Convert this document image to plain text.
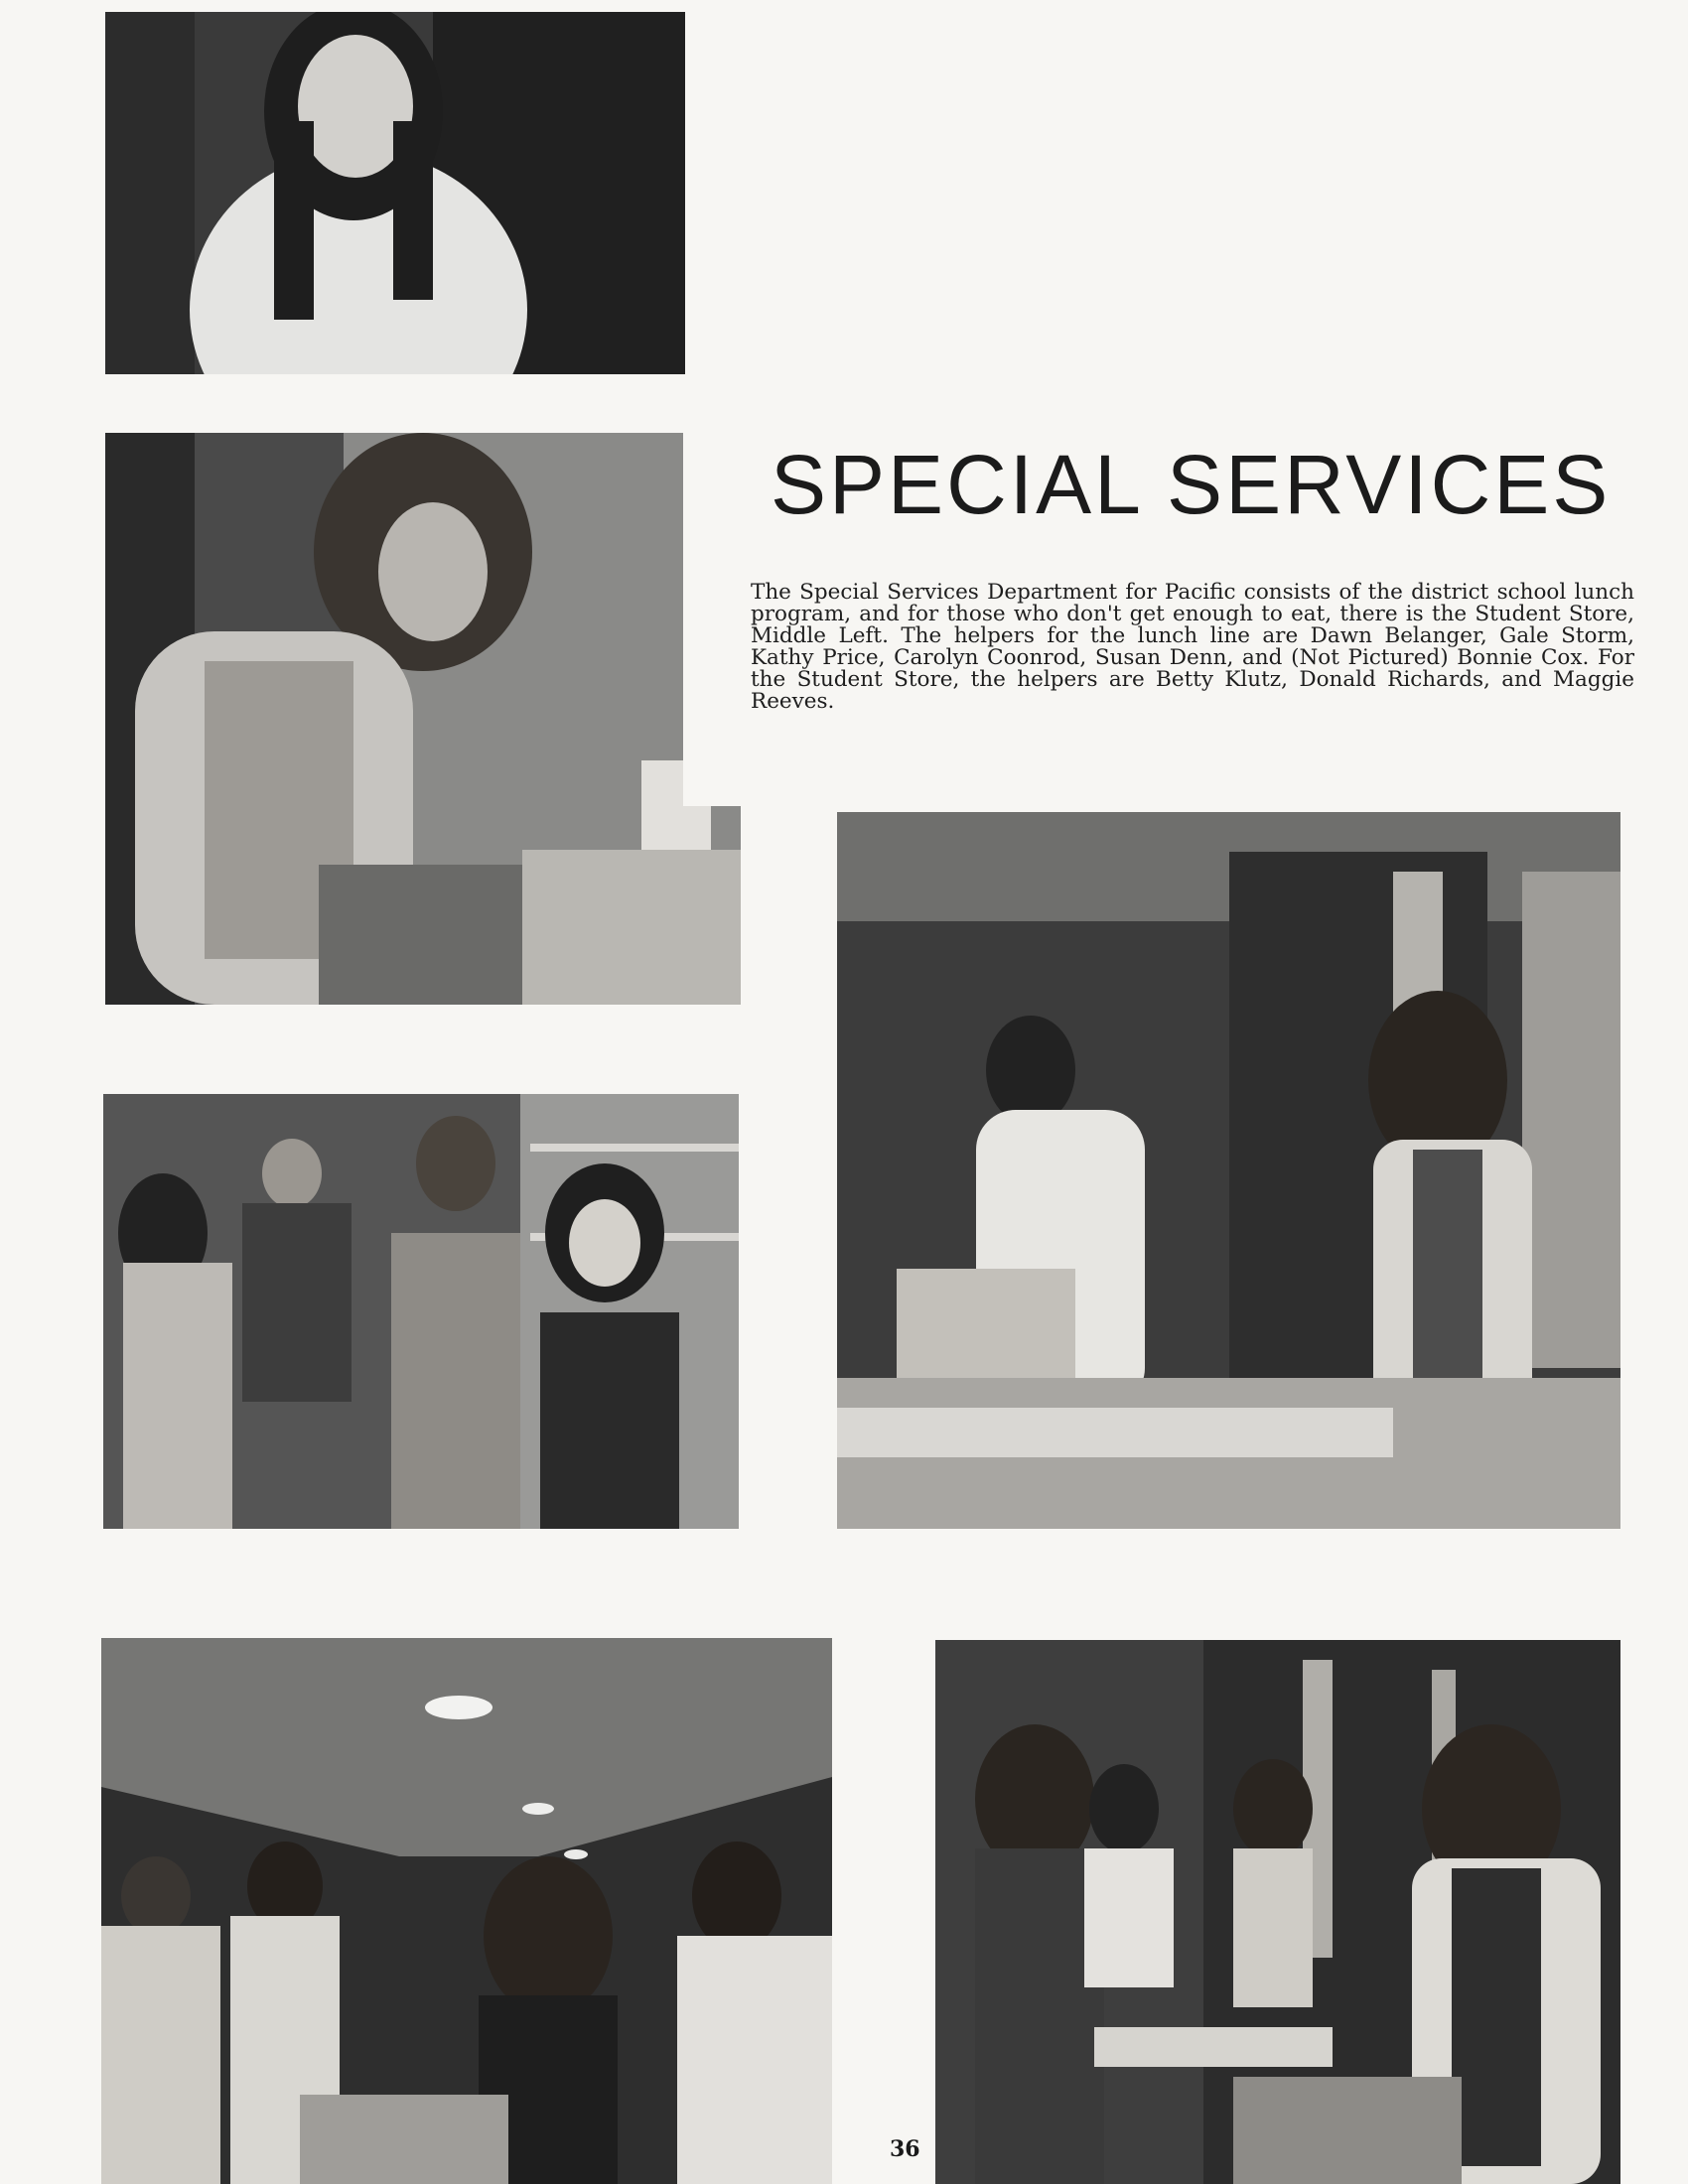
SPECIAL SERVICES

The Special Services Department for Pacific consists of the district school lunch program, and for those who don't get enough to eat, there is the Student Store, Middle Left. The helpers for the lunch line are Dawn Belanger, Gale Storm, Kathy Price, Carolyn Coonrod, Susan Denn, and (Not Pictured) Bonnie Cox. For the Student Store, the helpers are Betty Klutz, Donald Richards, and Maggie Reeves.

36
